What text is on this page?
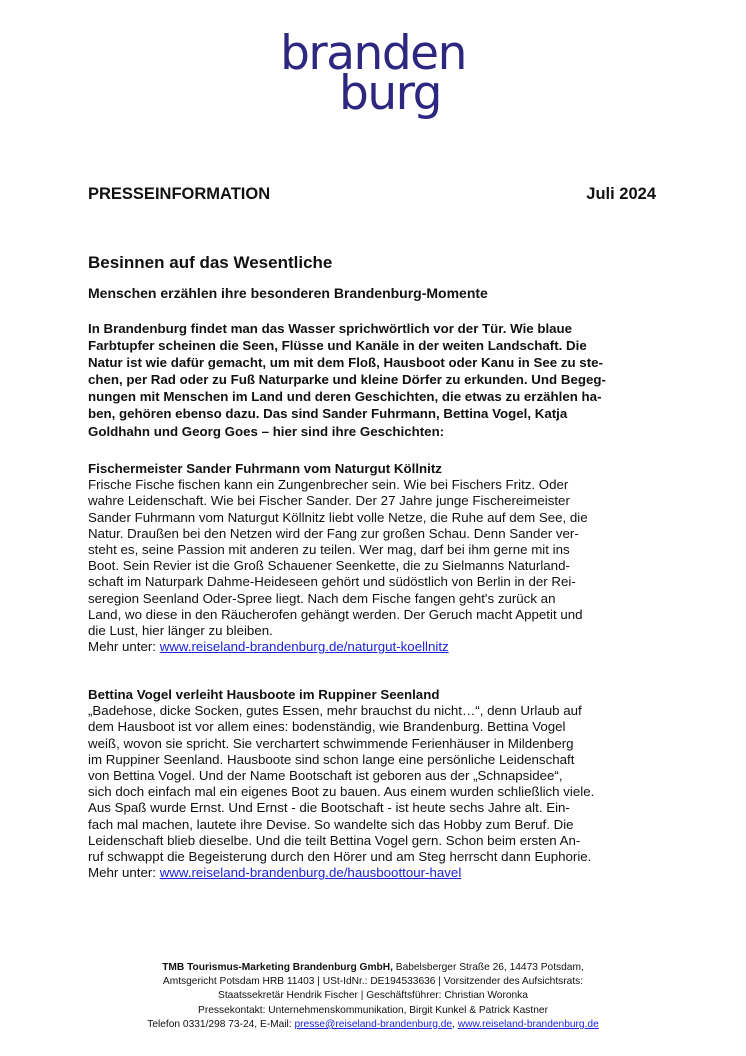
branden
burg
PRESSEINFORMATION	Juli 2024
Besinnen auf das Wesentliche
Menschen erzählen ihre besonderen Brandenburg-Momente
In Brandenburg findet man das Wasser sprichwörtlich vor der Tür. Wie blaue
Farbtupfer scheinen die Seen, Flüsse und Kanäle in der weiten Landschaft. Die
Natur ist wie dafür gemacht, um mit dem Floß, Hausboot oder Kanu in See zu ste-
chen, per Rad oder zu Fuß Naturparke und kleine Dörfer zu erkunden. Und Begeg-
nungen mit Menschen im Land und deren Geschichten, die etwas zu erzählen ha-
ben, gehören ebenso dazu. Das sind Sander Fuhrmann, Bettina Vogel, Katja
Goldhahn und Georg Goes – hier sind ihre Geschichten:
Fischermeister Sander Fuhrmann vom Naturgut Köllnitz
Frische Fische fischen kann ein Zungenbrecher sein. Wie bei Fischers Fritz. Oder
wahre Leidenschaft. Wie bei Fischer Sander. Der 27 Jahre junge Fischereimeister
Sander Fuhrmann vom Naturgut Köllnitz liebt volle Netze, die Ruhe auf dem See, die
Natur. Draußen bei den Netzen wird der Fang zur großen Schau. Denn Sander ver-
steht es, seine Passion mit anderen zu teilen. Wer mag, darf bei ihm gerne mit ins
Boot. Sein Revier ist die Groß Schauener Seenkette, die zu Sielmanns Naturland-
schaft im Naturpark Dahme-Heideseen gehört und südöstlich von Berlin in der Rei-
seregion Seenland Oder-Spree liegt. Nach dem Fische fangen geht's zurück an
Land, wo diese in den Räucherofen gehängt werden. Der Geruch macht Appetit und
die Lust, hier länger zu bleiben.
Mehr unter: www.reiseland-brandenburg.de/naturgut-koellnitz
Bettina Vogel verleiht Hausboote im Ruppiner Seenland
„Badehose, dicke Socken, gutes Essen, mehr brauchst du nicht…“, denn Urlaub auf
dem Hausboot ist vor allem eines: bodenständig, wie Brandenburg. Bettina Vogel
weiß, wovon sie spricht. Sie verchartert schwimmende Ferienhäuser in Mildenberg
im Ruppiner Seenland. Hausboote sind schon lange eine persönliche Leidenschaft
von Bettina Vogel. Und der Name Bootschaft ist geboren aus der „Schnapsidee“,
sich doch einfach mal ein eigenes Boot zu bauen. Aus einem wurden schließlich viele.
Aus Spaß wurde Ernst. Und Ernst - die Bootschaft - ist heute sechs Jahre alt. Ein-
fach mal machen, lautete ihre Devise. So wandelte sich das Hobby zum Beruf. Die
Leidenschaft blieb dieselbe. Und die teilt Bettina Vogel gern. Schon beim ersten An-
ruf schwappt die Begeisterung durch den Hörer und am Steg herrscht dann Euphorie.
Mehr unter: www.reiseland-brandenburg.de/hausboottour-havel
TMB Tourismus-Marketing Brandenburg GmbH, Babelsberger Straße 26, 14473 Potsdam,
Amtsgericht Potsdam HRB 11403 | USt-IdNr.: DE194533636 | Vorsitzender des Aufsichtsrats:
Staatssekretär Hendrik Fischer | Geschäftsführer: Christian Woronka
Pressekontakt: Unternehmenskommunikation, Birgit Kunkel & Patrick Kastner
Telefon 0331/298 73-24, E-Mail: presse@reiseland-brandenburg.de, www.reiseland-brandenburg.de
